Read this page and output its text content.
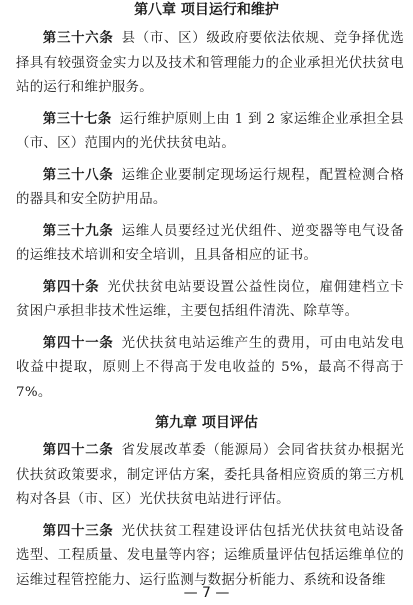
第八章 项目运行和维护

第三十六条 县（市、区）级政府要依法依规、竞争择优选择具有较强资金实力以及技术和管理能力的企业承担光伏扶贫电站的运行和维护服务。

第三十七条 运行维护原则上由 1 到 2 家运维企业承担全县（市、区）范围内的光伏扶贫电站。

第三十八条 运维企业要制定现场运行规程，配置检测合格的器具和安全防护用品。

第三十九条 运维人员要经过光伏组件、逆变器等电气设备的运维技术培训和安全培训，且具备相应的证书。

第四十条 光伏扶贫电站要设置公益性岗位，雇佣建档立卡贫困户承担非技术性运维，主要包括组件清洗、除草等。

第四十一条 光伏扶贫电站运维产生的费用，可由电站发电收益中提取，原则上不得高于发电收益的 5%，最高不得高于 7%。

第九章 项目评估

第四十二条 省发展改革委（能源局）会同省扶贫办根据光伏扶贫政策要求，制定评估方案，委托具备相应资质的第三方机构对各县（市、区）光伏扶贫电站进行评估。

第四十三条 光伏扶贫工程建设评估包括光伏扶贫电站设备选型、工程质量、发电量等内容；运维质量评估包括运维单位的运维过程管控能力、运行监测与数据分析能力、系统和设备维

— 7 —
